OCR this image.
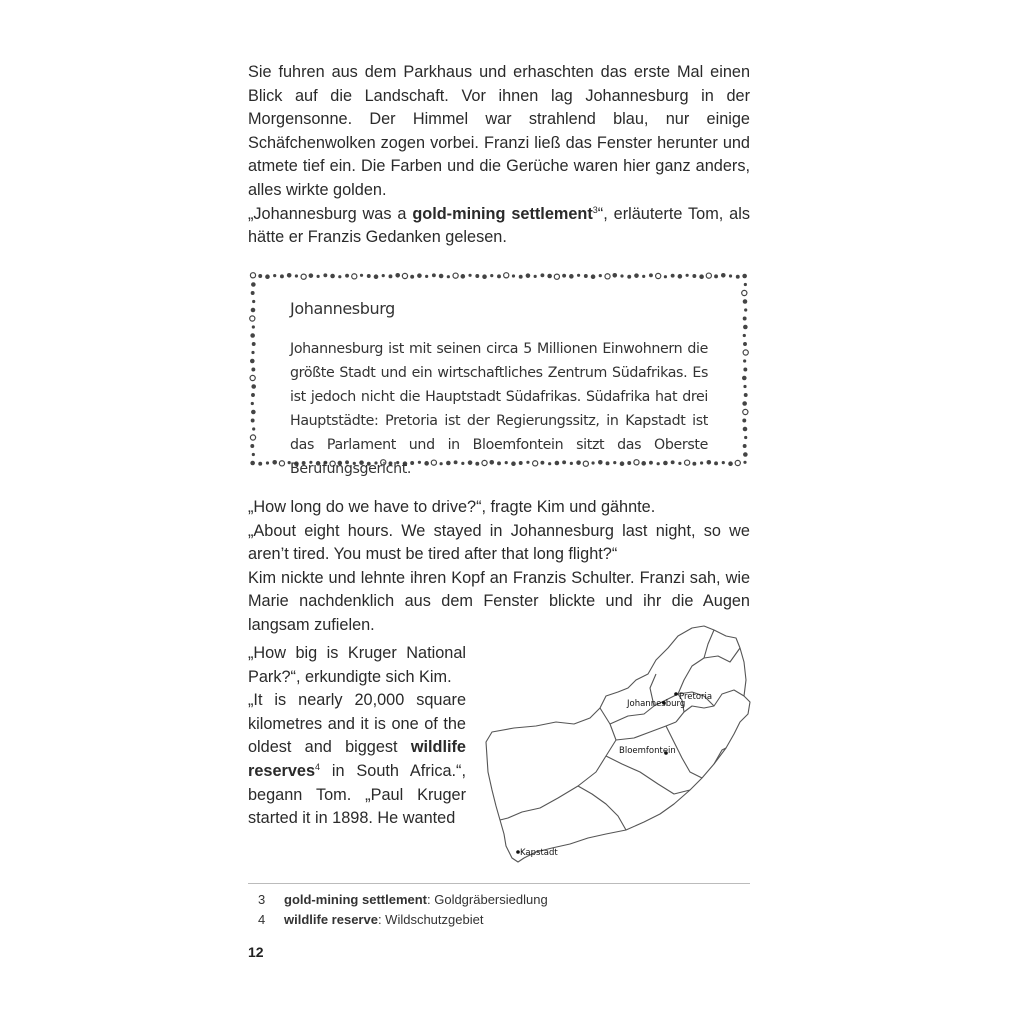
Sie fuhren aus dem Parkhaus und erhaschten das erste Mal einen Blick auf die Landschaft. Vor ihnen lag Johannesburg in der Morgensonne. Der Himmel war strahlend blau, nur einige Schäfchenwolken zogen vorbei. Franzi ließ das Fenster herunter und atmete tief ein. Die Farben und die Gerüche waren hier ganz anders, alles wirkte golden.

„Johannesburg was a gold-mining settlement$^3$“, erläuterte Tom, als hätte er Franzis Gedanken gelesen.

Johannesburg
Johannesburg ist mit seinen circa 5 Millionen Einwohnern die größte Stadt und ein wirtschaftliches Zentrum Südafrikas. Es ist jedoch nicht die Hauptstadt Südafrikas. Südafrika hat drei Hauptstädte: Pretoria ist der Regierungssitz, in Kapstadt ist das Parlament und in Bloemfontein sitzt das Oberste Berufungsgericht.

„How long do we have to drive?“, fragte Kim und gähnte.

„About eight hours. We stayed in Johannesburg last night, so we aren’t tired. You must be tired after that long flight?“

Kim nickte und lehnte ihren Kopf an Franzis Schulter. Franzi sah, wie Marie nachdenklich aus dem Fenster blickte und ihr die Augen langsam zufielen.

„How big is Kruger National Park?“, erkundigte sich Kim.

„It is nearly 20,000 square kilometres and it is one of the oldest and biggest wildlife reserves$^4$ in South Africa.“, begann Tom. „Paul Kruger started it in 1898. He wanted

Johannesburg
Pretoria
Bloemfontein
Kapstadt
3	gold-mining settlement: Goldgräbersiedlung
4	wildlife reserve: Wildschutzgebiet
12
